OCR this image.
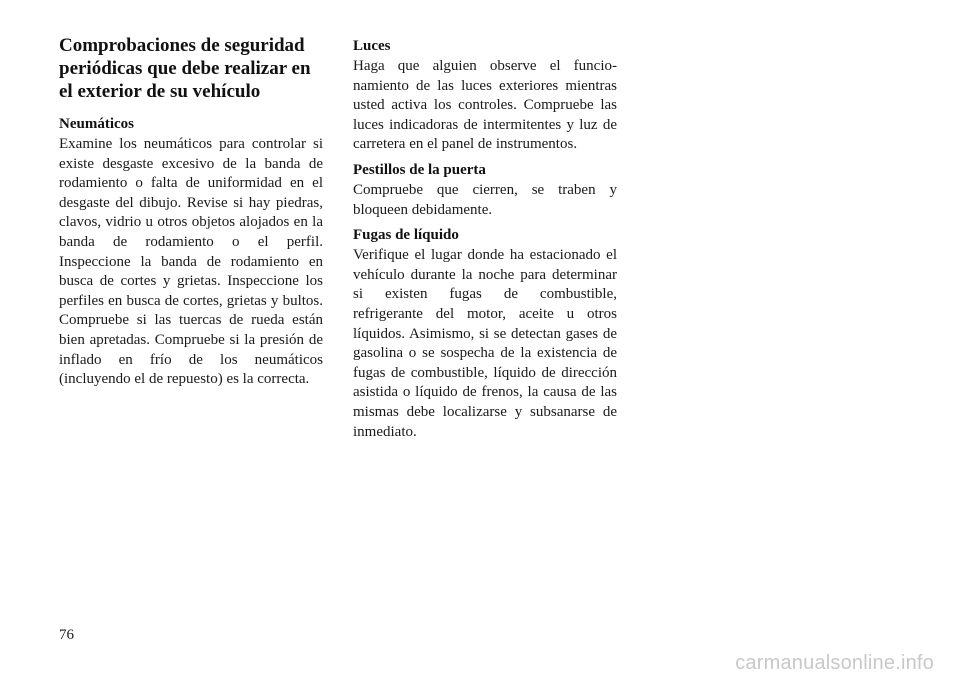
Comprobaciones de seguridad periódicas que debe realizar en el exterior de su vehículo
Neumáticos

Examine los neumáticos para controlar si existe desgaste excesivo de la banda de rodamiento o falta de uniformidad en el desgaste del dibujo. Revise si hay piedras, clavos, vidrio u otros objetos alojados en la banda de rodamiento o el perfil. Inspeccione la banda de rodamiento en busca de cortes y grietas. Inspeccione los perfiles en busca de cortes, grietas y bultos. Compruebe si las tuercas de rueda están bien apretadas. Compruebe si la presión de inflado en frío de los neumáticos (incluyendo el de repuesto) es la correcta.

Luces

Haga que alguien observe el funcionamiento de las luces exteriores mientras usted activa los controles. Compruebe las luces indicadoras de intermitentes y luz de carretera en el panel de instrumentos.

Pestillos de la puerta

Compruebe que cierren, se traben y bloqueen debidamente.

Fugas de líquido

Verifique el lugar donde ha estacionado el vehículo durante la noche para determinar si existen fugas de combustible, refrigerante del motor, aceite u otros líquidos. Asimismo, si se detectan gases de gasolina o se sospecha de la existencia de fugas de combustible, líquido de dirección asistida o líquido de frenos, la causa de las mismas debe localizarse y subsanarse de inmediato.

76
carmanualsonline.info
